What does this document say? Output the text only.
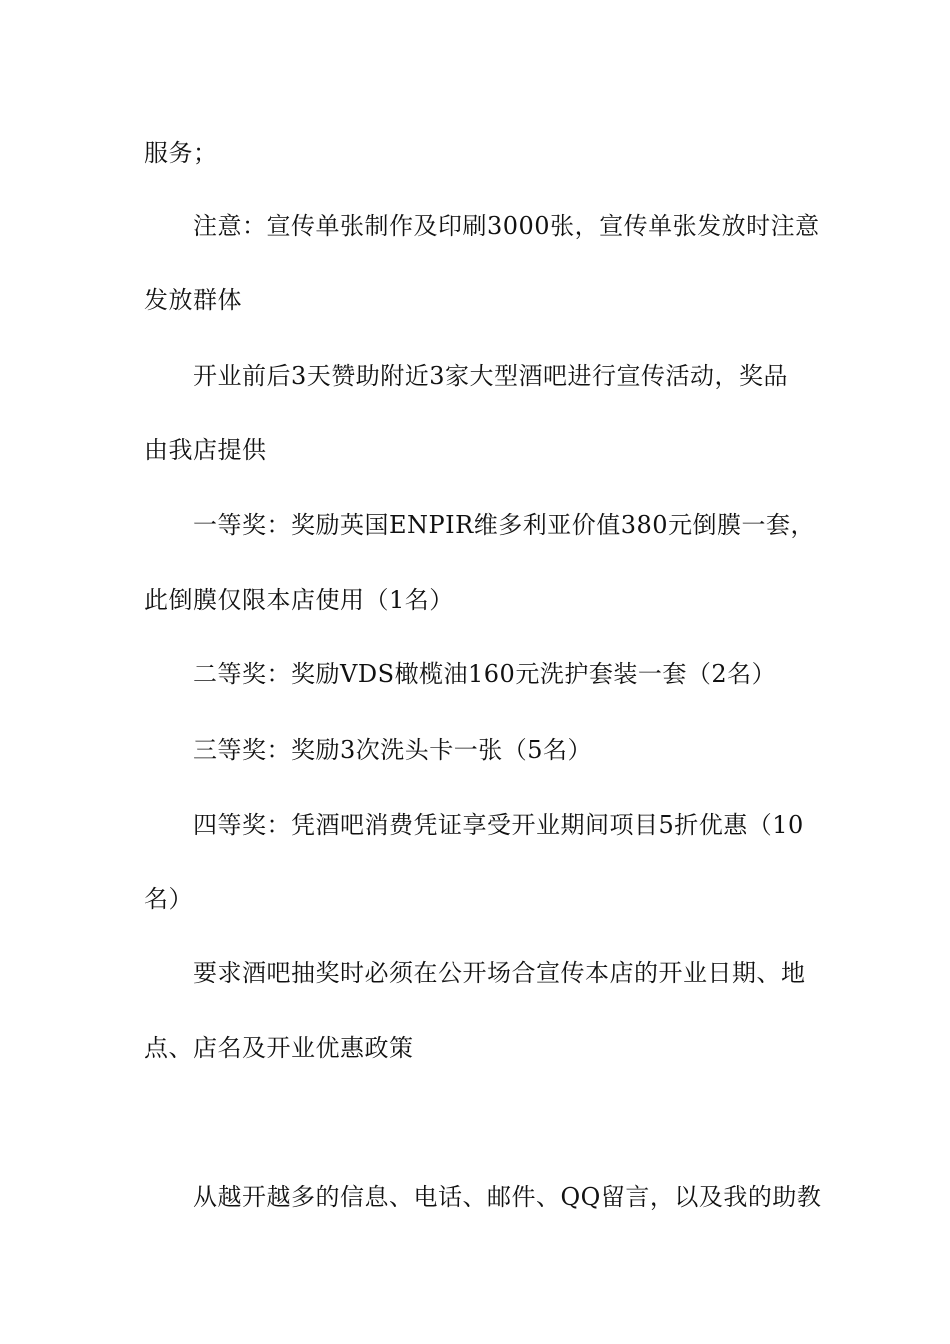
服务；
注意：宣传单张制作及印刷3000张，宣传单张发放时注意
发放群体
开业前后3天赞助附近3家大型酒吧进行宣传活动，奖品
由我店提供
一等奖：奖励英国ENPIR维多利亚价值380元倒膜一套，
此倒膜仅限本店使用（1名）
二等奖：奖励VDS橄榄油160元洗护套装一套（2名）
三等奖：奖励3次洗头卡一张（5名）
四等奖：凭酒吧消费凭证享受开业期间项目5折优惠（10
名）
要求酒吧抽奖时必须在公开场合宣传本店的开业日期、地
点、店名及开业优惠政策
从越开越多的信息、电话、邮件、QQ留言，以及我的助教
